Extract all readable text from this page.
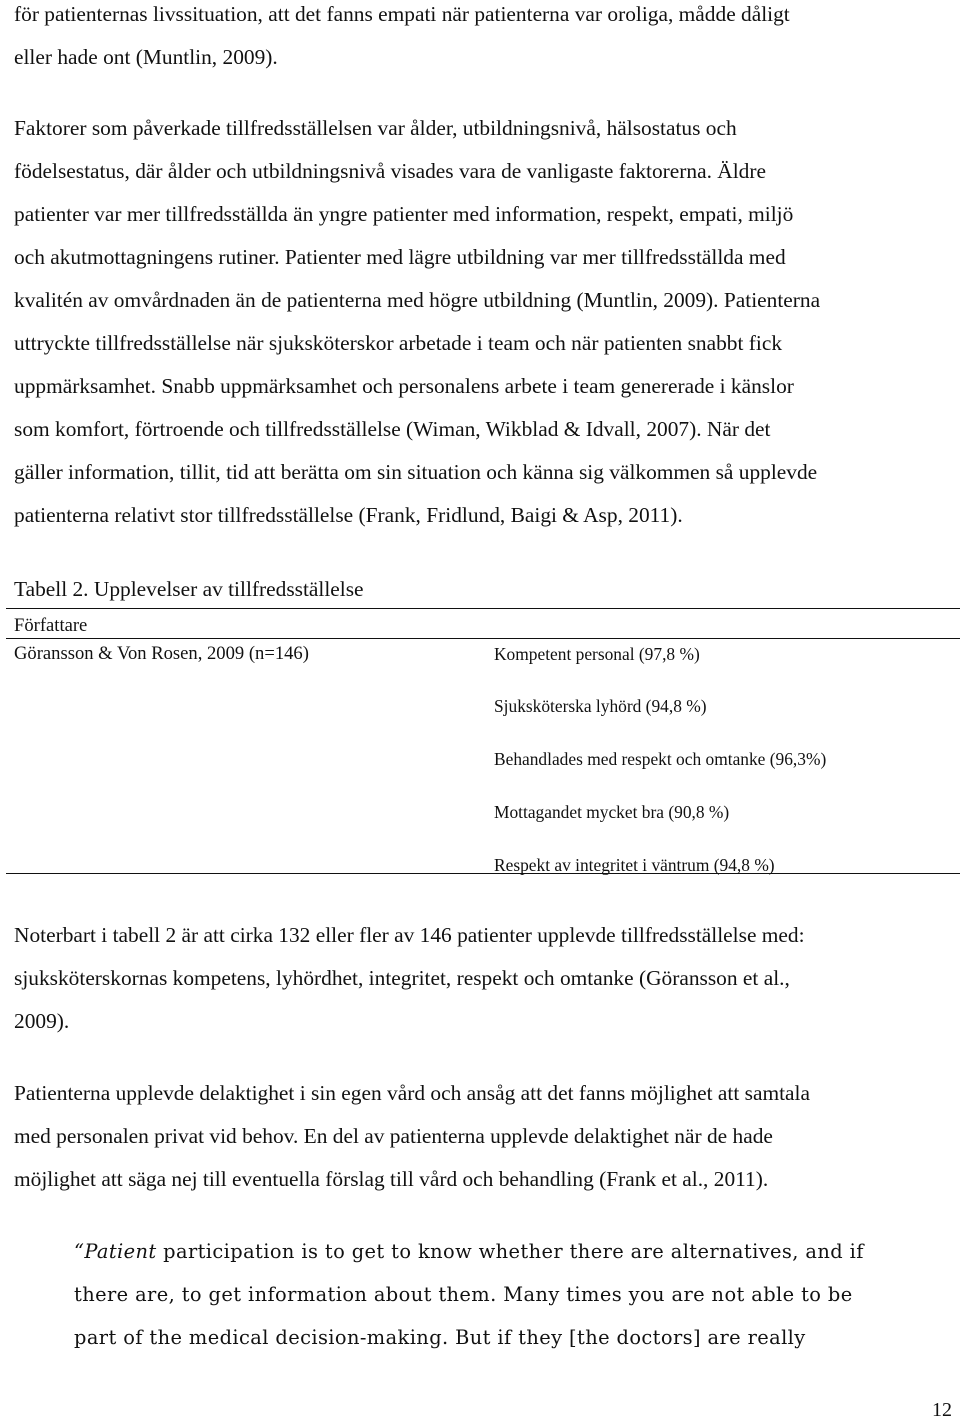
för patienternas livssituation, att det fanns empati när patienterna var oroliga, mådde dåligt
eller hade ont (Muntlin, 2009).
Faktorer som påverkade tillfredsställelsen var ålder, utbildningsnivå, hälsostatus och
födelsestatus, där ålder och utbildningsnivå visades vara de vanligaste faktorerna. Äldre
patienter var mer tillfredsställda än yngre patienter med information, respekt, empati, miljö
och akutmottagningens rutiner. Patienter med lägre utbildning var mer tillfredsställda med
kvalitén av omvårdnaden än de patienterna med högre utbildning (Muntlin, 2009). Patienterna
uttryckte tillfredsställelse när sjuksköterskor arbetade i team och när patienten snabbt fick
uppmärksamhet. Snabb uppmärksamhet och personalens arbete i team genererade i känslor
som komfort, förtroende och tillfredsställelse (Wiman, Wikblad & Idvall, 2007). När det
gäller information, tillit, tid att berätta om sin situation och känna sig välkommen så upplevde
patienterna relativt stor tillfredsställelse (Frank, Fridlund, Baigi & Asp, 2011).
Tabell 2. Upplevelser av tillfredsställelse
Författare
Göransson & Von Rosen, 2009 (n=146)	Kompetent personal (97,8 %)
Sjuksköterska lyhörd (94,8 %)
Behandlades med respekt och omtanke (96,3%)
Mottagandet mycket bra (90,8 %)
Respekt av integritet i väntrum (94,8 %)
Noterbart i tabell 2 är att cirka 132 eller fler av 146 patienter upplevde tillfredsställelse med:
sjuksköterskornas kompetens, lyhördhet, integritet, respekt och omtanke (Göransson et al.,
2009).
Patienterna upplevde delaktighet i sin egen vård och ansåg att det fanns möjlighet att samtala
med personalen privat vid behov. En del av patienterna upplevde delaktighet när de hade
möjlighet att säga nej till eventuella förslag till vård och behandling (Frank et al., 2011).
“Patient participation is to get to know whether there are alternatives, and if
there are, to get information about them. Many times you are not able to be
part of the medical decision-making. But if they [the doctors] are really
12
